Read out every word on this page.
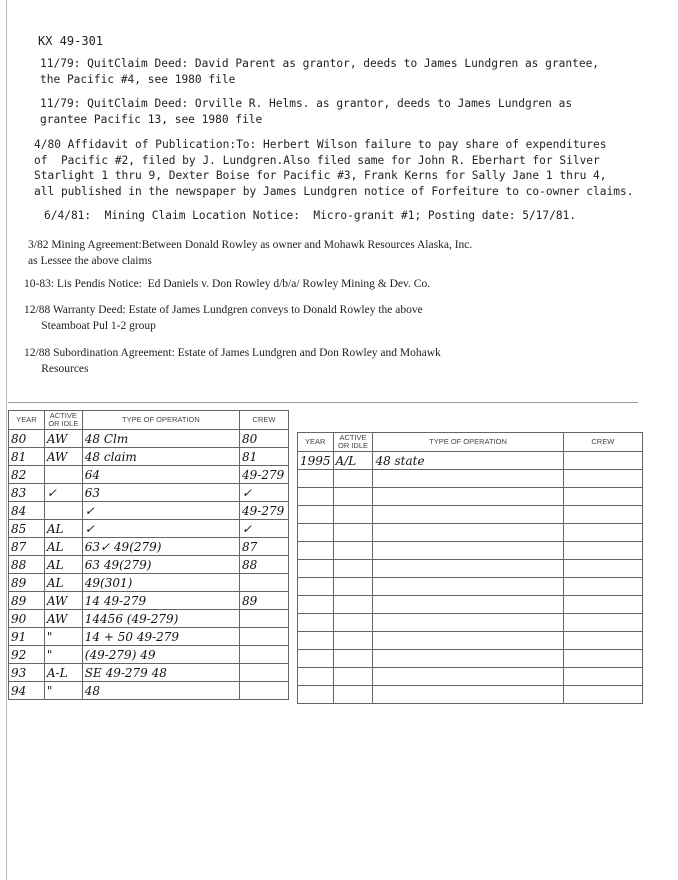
KX 49-301
11/79: QuitClaim Deed: David Parent as grantor, deeds to James Lundgren as grantee,
the Pacific #4, see 1980 file
11/79: QuitClaim Deed: Orville R. Helms. as grantor, deeds to James Lundgren as
grantee Pacific 13, see 1980 file
4/80 Affidavit of Publication:To: Herbert Wilson failure to pay share of expenditures
of  Pacific #2, filed by J. Lundgren.Also filed same for John R. Eberhart for Silver
Starlight 1 thru 9, Dexter Boise for Pacific #3, Frank Kerns for Sally Jane 1 thru 4,
all published in the newspaper by James Lundgren notice of Forfeiture to co-owner claims.
6/4/81:  Mining Claim Location Notice:  Micro-granit #1; Posting date: 5/17/81.
3/82 Mining Agreement:Between Donald Rowley as owner and Mohawk Resources Alaska, Inc.
as Lessee the above claims
10-83: Lis Pendis Notice:  Ed Daniels v. Don Rowley d/b/a/ Rowley Mining & Dev. Co.
12/88 Warranty Deed: Estate of James Lundgren conveys to Donald Rowley the above
Steamboat Pul 1-2 group
12/88 Subordination Agreement: Estate of James Lundgren and Don Rowley and Mohawk
Resources
YEAR	ACTIVE OR IDLE	TYPE OF OPERATION	CREW
80	AW	48 Clm	80
81	AW	48 claim	81
82		64	49-279
83	✓	63	✓
84		✓	49-279
85	AL	✓	✓
87	AL	63✓ 49(279)	87
88	AL	63 49(279)	88
89	AL	49(301)	
89	AW	14 49-279	89
90	AW	14456 (49-279)	
91	"	14 + 50 49-279	
92	"	(49-279) 49	
93	A-L	SE 49-279 48	
94	"	48	
YEAR	ACTIVE OR IDLE	TYPE OF OPERATION	CREW
1995	A/L	48 state	
